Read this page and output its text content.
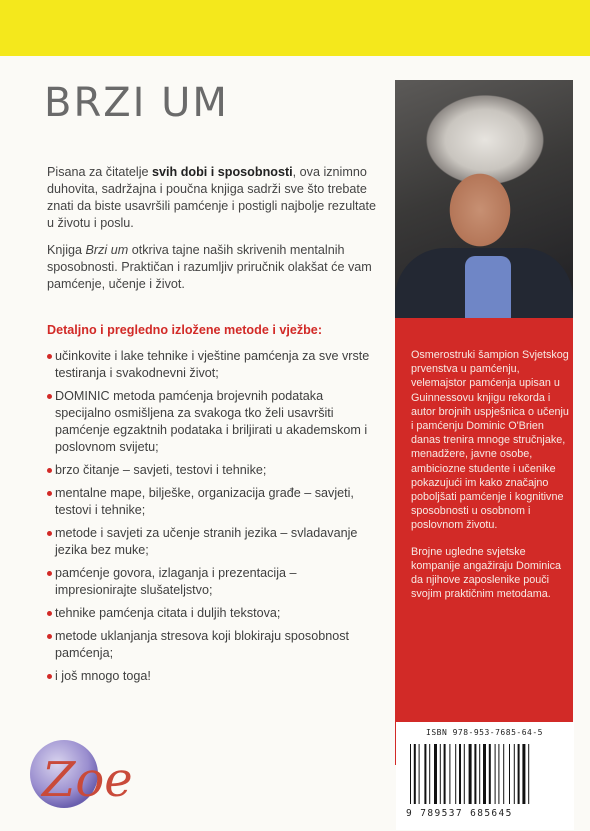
BRZI UM

Pisana za čitatelje svih dobi i sposobnosti, ova iznimno duhovita, sadržajna i poučna knjiga sadrži sve što trebate znati da biste usavršili pamćenje i postigli najbolje rezultate u životu i poslu.

Knjiga Brzi um otkriva tajne naših skrivenih mentalnih sposobnosti. Praktičan i razumljiv priručnik olakšat će vam pamćenje, učenje i život.

Osmerostruki šampion Svjetskog prvenstva u pamćenju, velemajstor pamćenja upisan u Guinnessovu knjigu rekorda i autor brojnih uspješnica o učenju i pamćenju Dominic O'Brien danas trenira mnoge stručnjake, menadžere, javne osobe, ambiciozne studente i učenike pokazujući im kako značajno poboljšati pamćenje i kognitivne sposobnosti u osobnom i poslovnom životu.

Brojne ugledne svjetske kompanije angažiraju Dominica da njihove zaposlenike pouči svojim praktičnim metodama.

ISBN 978-953-7685-64-5
9 789537 685645
Detaljno i pregledno izložene metode i vježbe:
učinkovite i lake tehnike i vještine pamćenja za sve vrste testiranja i svakodnevni život;
DOMINIC metoda pamćenja brojevnih podataka specijalno osmišljena za svakoga tko želi usavršiti pamćenje egzaktnih podataka i briljirati u akademskom i poslovnom svijetu;
brzo čitanje – savjeti, testovi i tehnike;
mentalne mape, bilješke, organizacija građe – savjeti, testovi i tehnike;
metode i savjeti za učenje stranih jezika – svladavanje jezika bez muke;
pamćenje govora, izlaganja i prezentacija – impresionirajte slušateljstvo;
tehnike pamćenja citata i duljih tekstova;
metode uklanjanja stresova koji blokiraju sposobnost pamćenja;
i još mnogo toga!
Zoe
